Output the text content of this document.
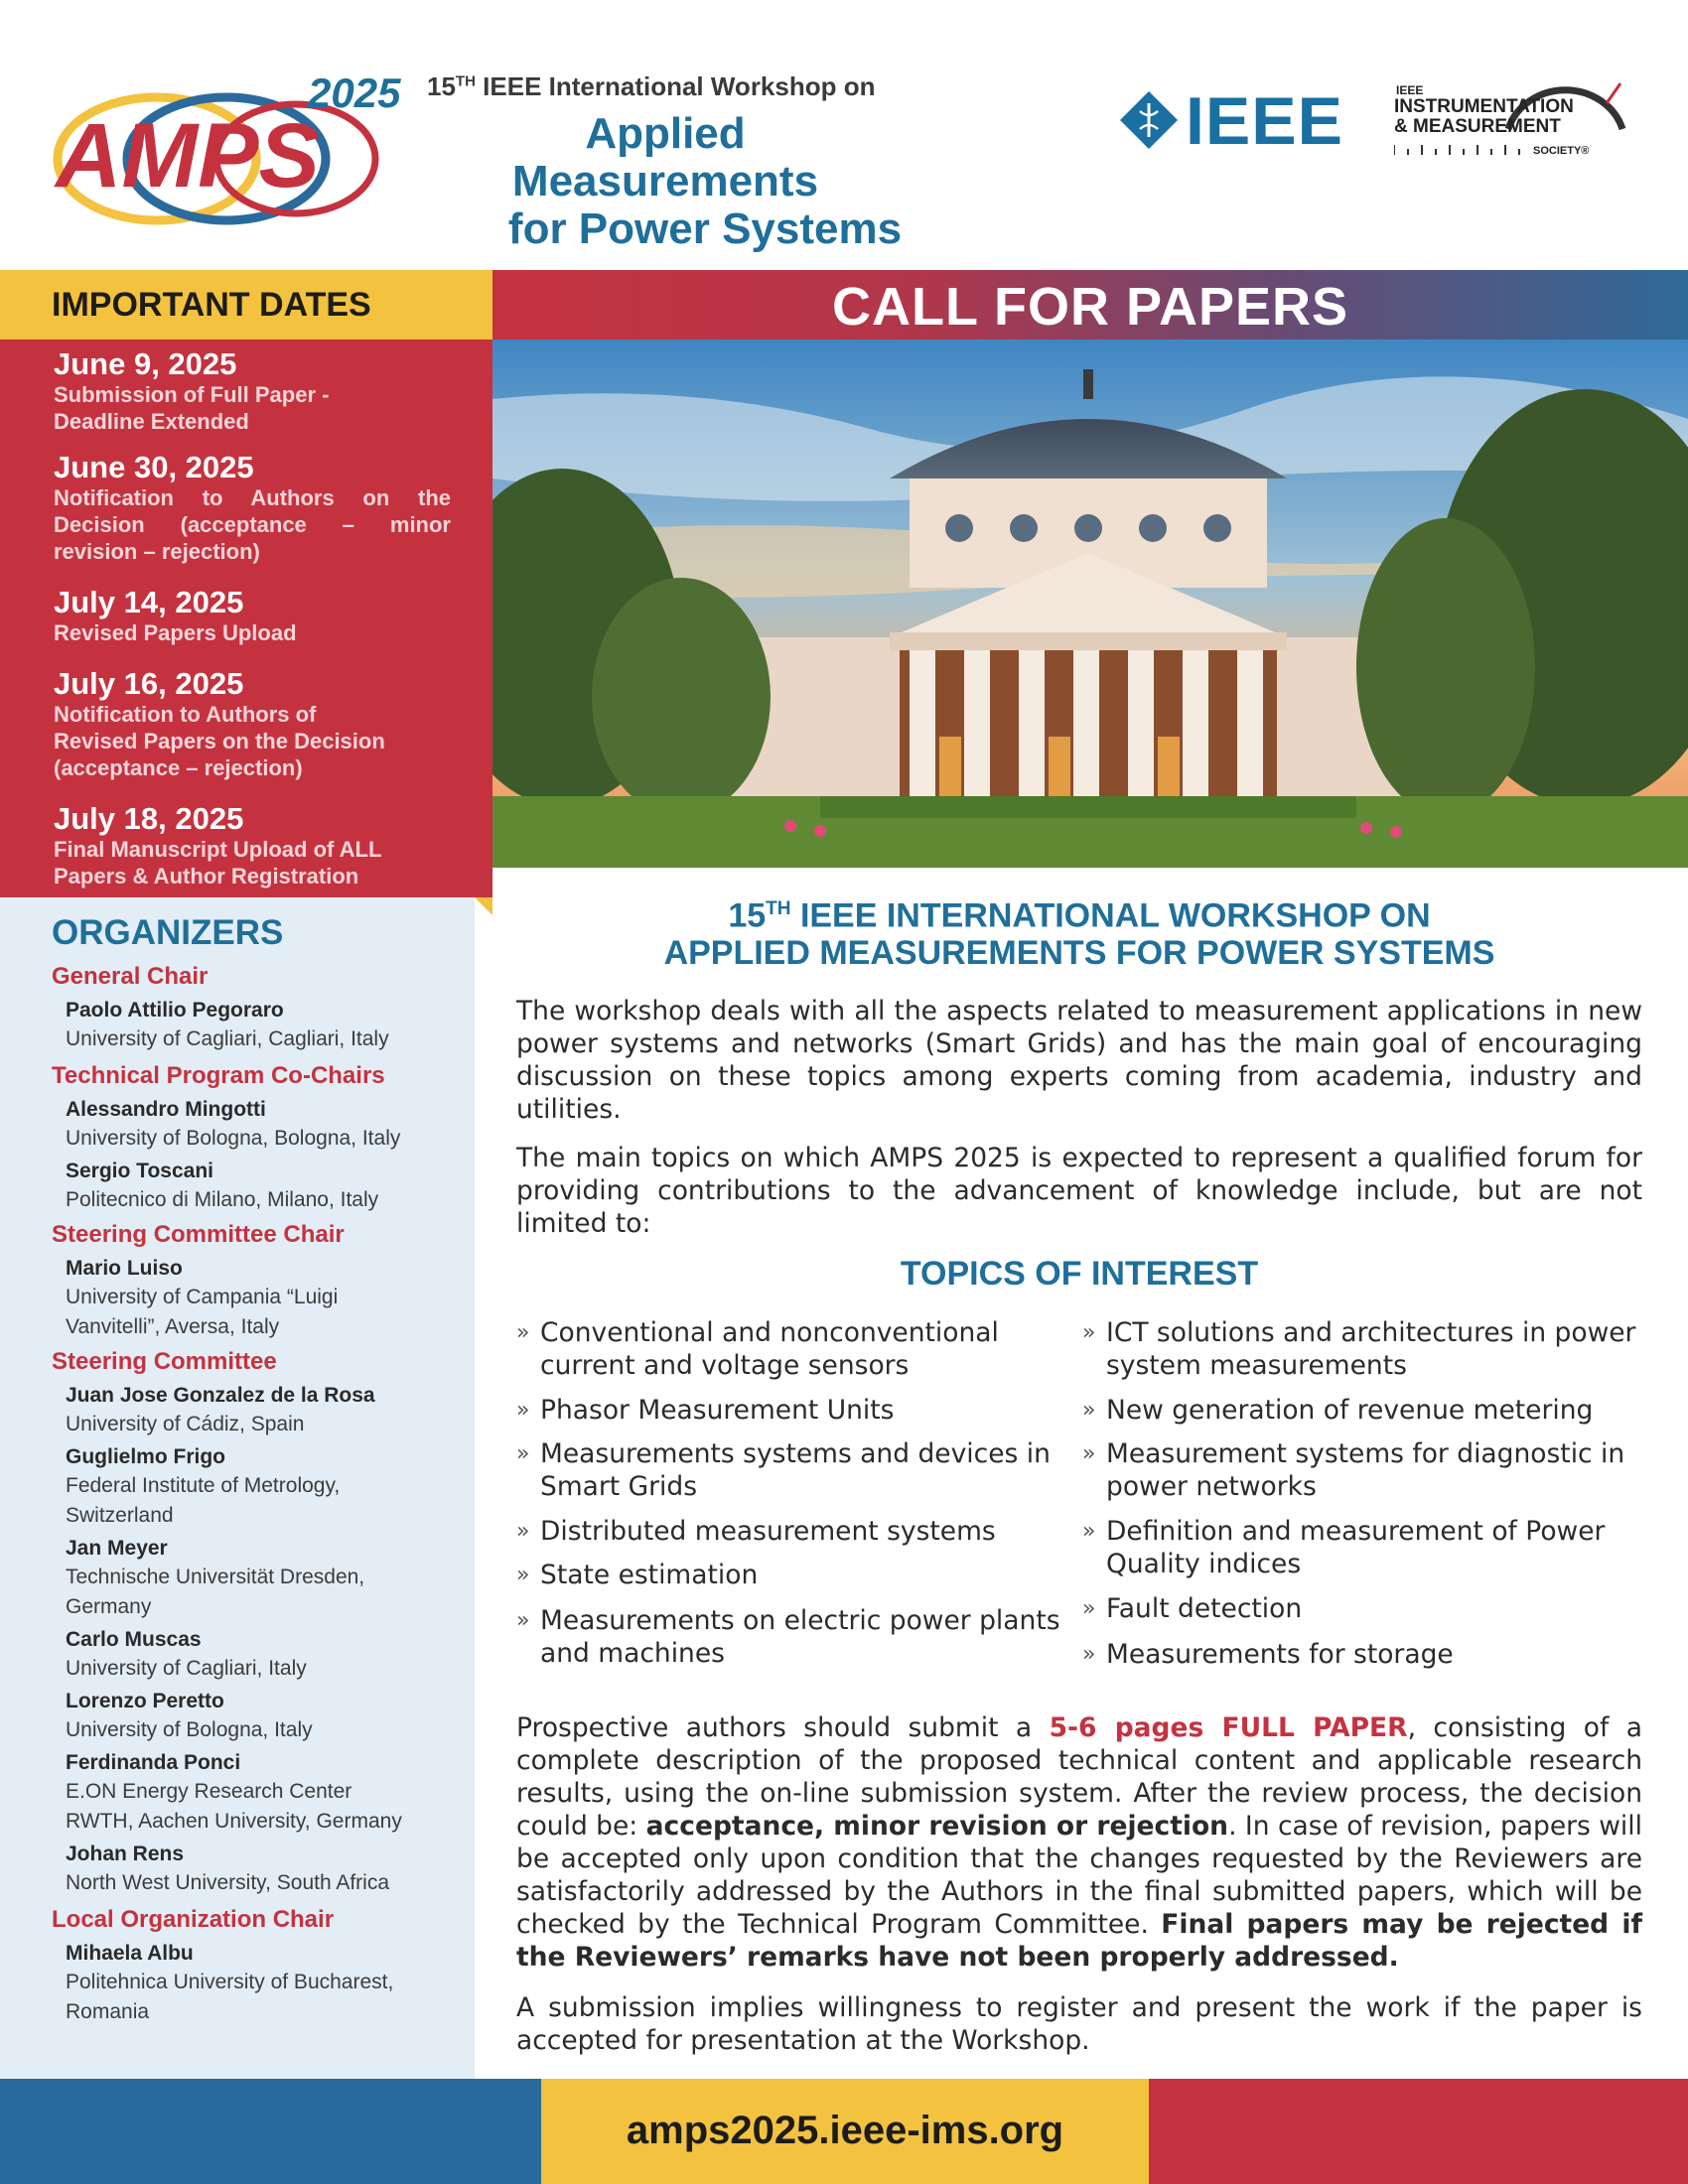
AMPS
2025 15TH IEEE International Workshop on
Applied Measurements
for Power Systems
IEEE	IEEE
INSTRUMENTATION
& MEASUREMENT
SOCIETY®
IMPORTANT DATES
June 9, 2025
Submission of Full Paper -
Deadline Extended
June 30, 2025
Notification to Authors on the Decision (acceptance – minor revision – rejection)
July 14, 2025
Revised Papers Upload
July 16, 2025
Notification to Authors of
Revised Papers on the Decision
(acceptance – rejection)
July 18, 2025
Final Manuscript Upload of ALL
Papers & Author Registration
ORGANIZERS
General Chair
Paolo Attilio Pegoraro
University of Cagliari, Cagliari, Italy
Technical Program Co-Chairs
Alessandro Mingotti
University of Bologna, Bologna, Italy
Sergio Toscani
Politecnico di Milano, Milano, Italy
Steering Committee Chair
Mario Luiso
University of Campania “Luigi
Vanvitelli”, Aversa, Italy
Steering Committee
Juan Jose Gonzalez de la Rosa
University of Cádiz, Spain
Guglielmo Frigo
Federal Institute of Metrology,
Switzerland
Jan Meyer
Technische Universität Dresden,
Germany
Carlo Muscas
University of Cagliari, Italy
Lorenzo Peretto
University of Bologna, Italy
Ferdinanda Ponci
E.ON Energy Research Center
RWTH, Aachen University, Germany
Johan Rens
North West University, South Africa
Local Organization Chair
Mihaela Albu
Politehnica University of Bucharest,
Romania
CALL FOR PAPERS
15TH IEEE INTERNATIONAL WORKSHOP ON
APPLIED MEASUREMENTS FOR POWER SYSTEMS
The workshop deals with all the aspects related to measurement applications in new power systems and networks (Smart Grids) and has the main goal of encouraging discussion on these topics among experts coming from academia, industry and utilities.
The main topics on which AMPS 2025 is expected to represent a qualified forum for providing contributions to the advancement of knowledge include, but are not limited to:
TOPICS OF INTEREST
» Conventional and nonconventional current and voltage sensors
» Phasor Measurement Units
» Measurements systems and devices in Smart Grids
» Distributed measurement systems
» State estimation
» Measurements on electric power plants and machines
» ICT solutions and architectures in power system measurements
» New generation of revenue metering
» Measurement systems for diagnostic in power networks
» Definition and measurement of Power Quality indices
» Fault detection
» Measurements for storage
Prospective authors should submit a 5-6 pages FULL PAPER, consisting of a complete description of the proposed technical content and applicable research results, using the on-line submission system. After the review process, the decision could be: acceptance, minor revision or rejection. In case of revision, papers will be accepted only upon condition that the changes requested by the Reviewers are satisfactorily addressed by the Authors in the final submitted papers, which will be checked by the Technical Program Committee. Final papers may be rejected if the Reviewers’ remarks have not been properly addressed.
A submission implies willingness to register and present the work if the paper is accepted for presentation at the Workshop.
amps2025.ieee-ims.org
